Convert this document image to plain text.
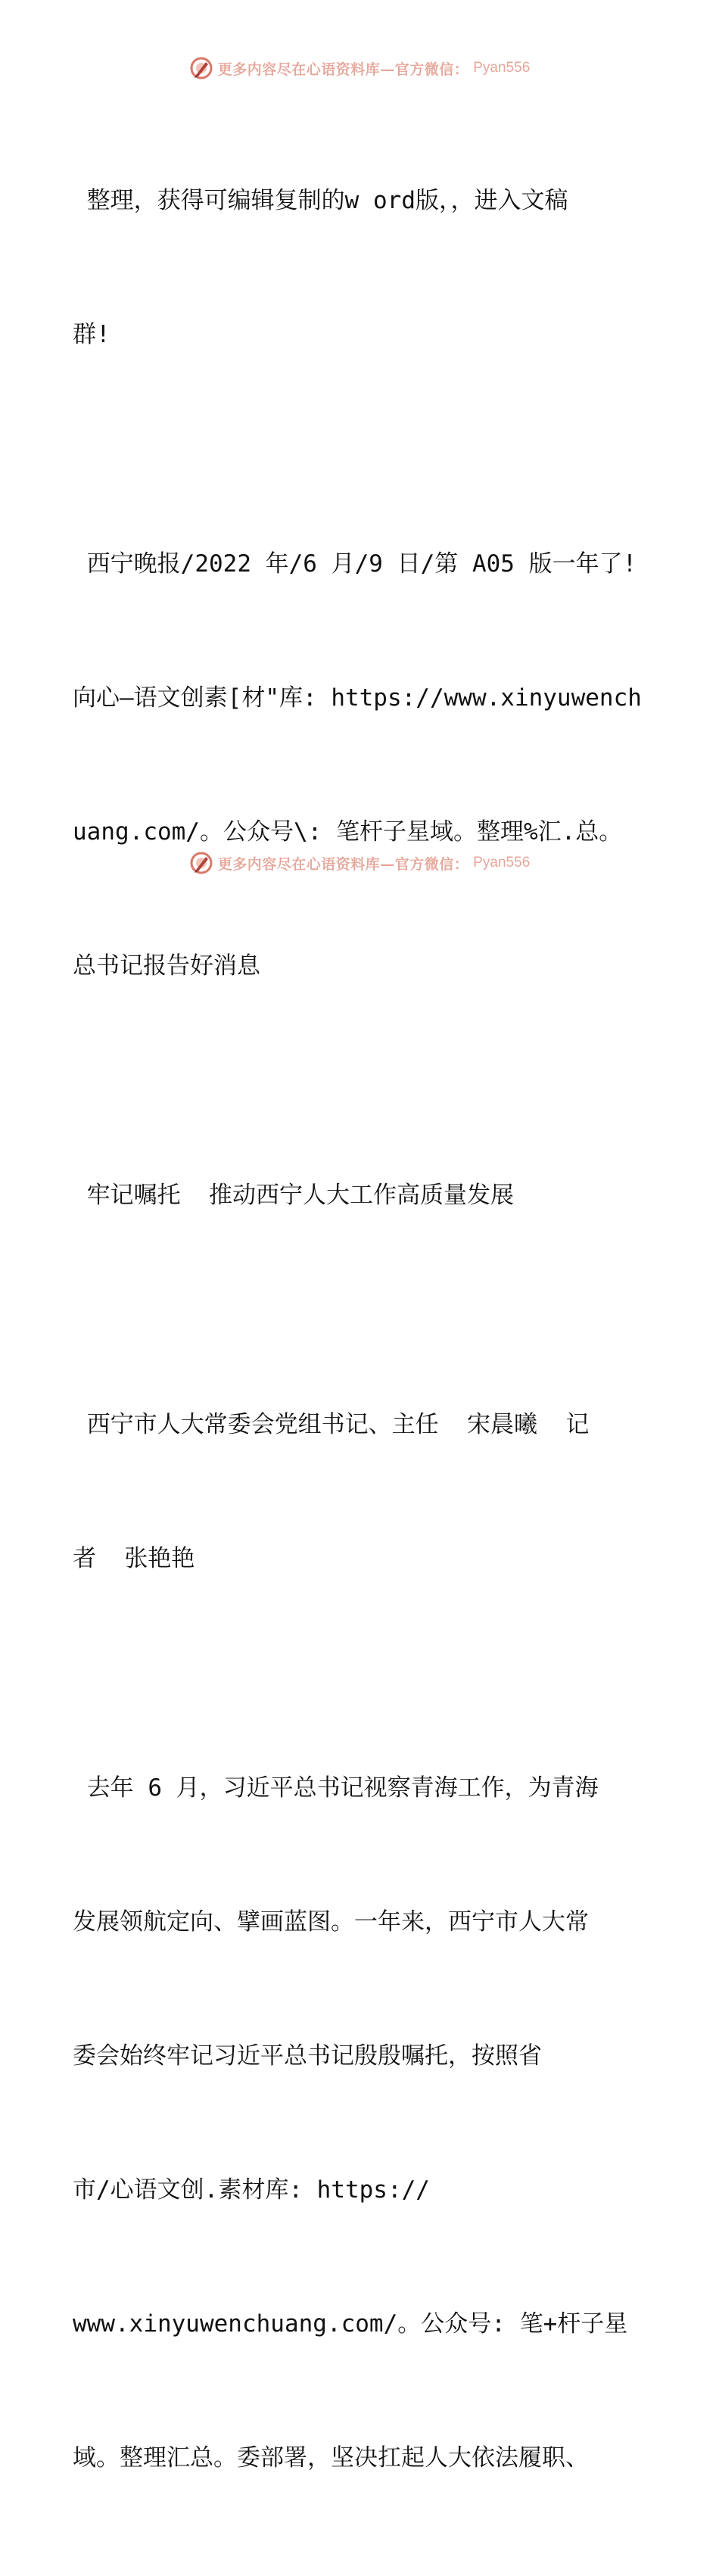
更多内容尽在心语资料库—官方微信： Pyan556

整理，获得可编辑复制的w ord版，，进入文稿

群!

西宁晚报/2022 年/6 月/9 日/第 A05 版一年了!

向心—语文创素[材"库: https://www.xinyuwench

uang.com/。公众号\: 笔杆子星域。整理%汇.总。

总书记报告好消息

牢记嘱托  推动西宁人大工作高质量发展

西宁市人大常委会党组书记、主任  宋晨曦  记

者  张艳艳

去年 6 月，习近平总书记视察青海工作，为青海

发展领航定向、擘画蓝图。一年来，西宁市人大常

委会始终牢记习近平总书记殷殷嘱托，按照省

市/心语文创.素材库: https://

www.xinyuwenchuang.com/。公众号: 笔+杆子星

域。整理汇总。委部署，坚决扛起人大依法履职、

更多内容尽在心语资料库—官方微信： Pyan556
